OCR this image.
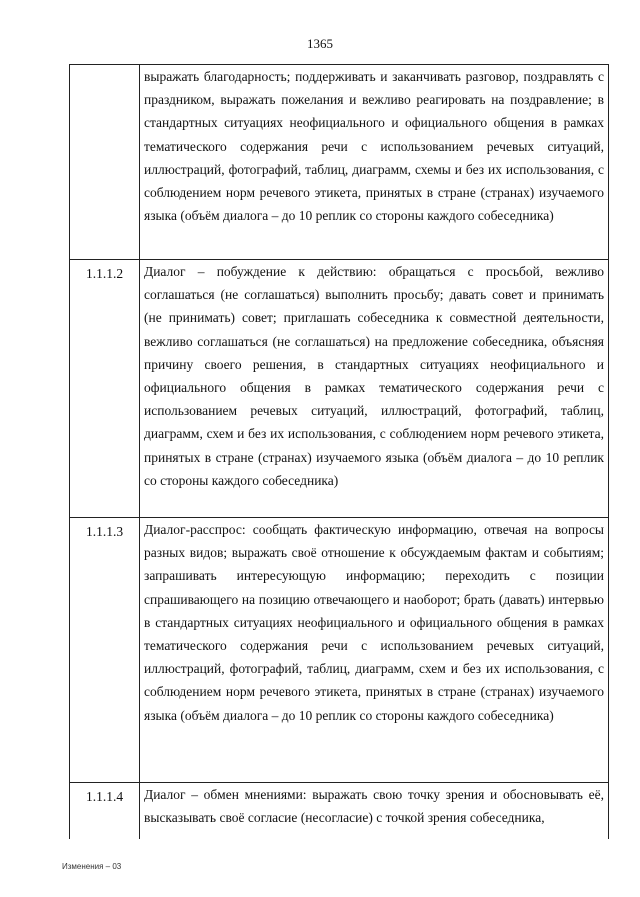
1365
выражать благодарность; поддерживать и заканчивать разговор, поздравлять с праздником, выражать пожелания и вежливо реагировать на поздравление; в стандартных ситуациях неофициального и официального общения в рамках тематического содержания речи с использованием речевых ситуаций, иллюстраций, фотографий, таблиц, диаграмм, схемы и без их использования, с соблюдением норм речевого этикета, принятых в стране (странах) изучаемого языка (объём диалога – до 10 реплик со стороны каждого собеседника)
1.1.1.2	Диалог – побуждение к действию: обращаться с просьбой, вежливо соглашаться (не соглашаться) выполнить просьбу; давать совет и принимать (не принимать) совет; приглашать собеседника к совместной деятельности, вежливо соглашаться (не соглашаться) на предложение собеседника, объясняя причину своего решения, в стандартных ситуациях неофициального и официального общения в рамках тематического содержания речи с использованием речевых ситуаций, иллюстраций, фотографий, таблиц, диаграмм, схем и без их использования, с соблюдением норм речевого этикета, принятых в стране (странах) изучаемого языка (объём диалога – до 10 реплик со стороны каждого собеседника)
1.1.1.3	Диалог-расспрос: сообщать фактическую информацию, отвечая на вопросы разных видов; выражать своё отношение к обсуждаемым фактам и событиям; запрашивать интересующую информацию; переходить с позиции спрашивающего на позицию отвечающего и наоборот; брать (давать) интервью в стандартных ситуациях неофициального и официального общения в рамках тематического содержания речи с использованием речевых ситуаций, иллюстраций, фотографий, таблиц, диаграмм, схем и без их использования, с соблюдением норм речевого этикета, принятых в стране (странах) изучаемого языка (объём диалога – до 10 реплик со стороны каждого собеседника)
1.1.1.4	Диалог – обмен мнениями: выражать свою точку зрения и обосновывать её, высказывать своё согласие (несогласие) с точкой зрения собеседника,
Изменения – 03
